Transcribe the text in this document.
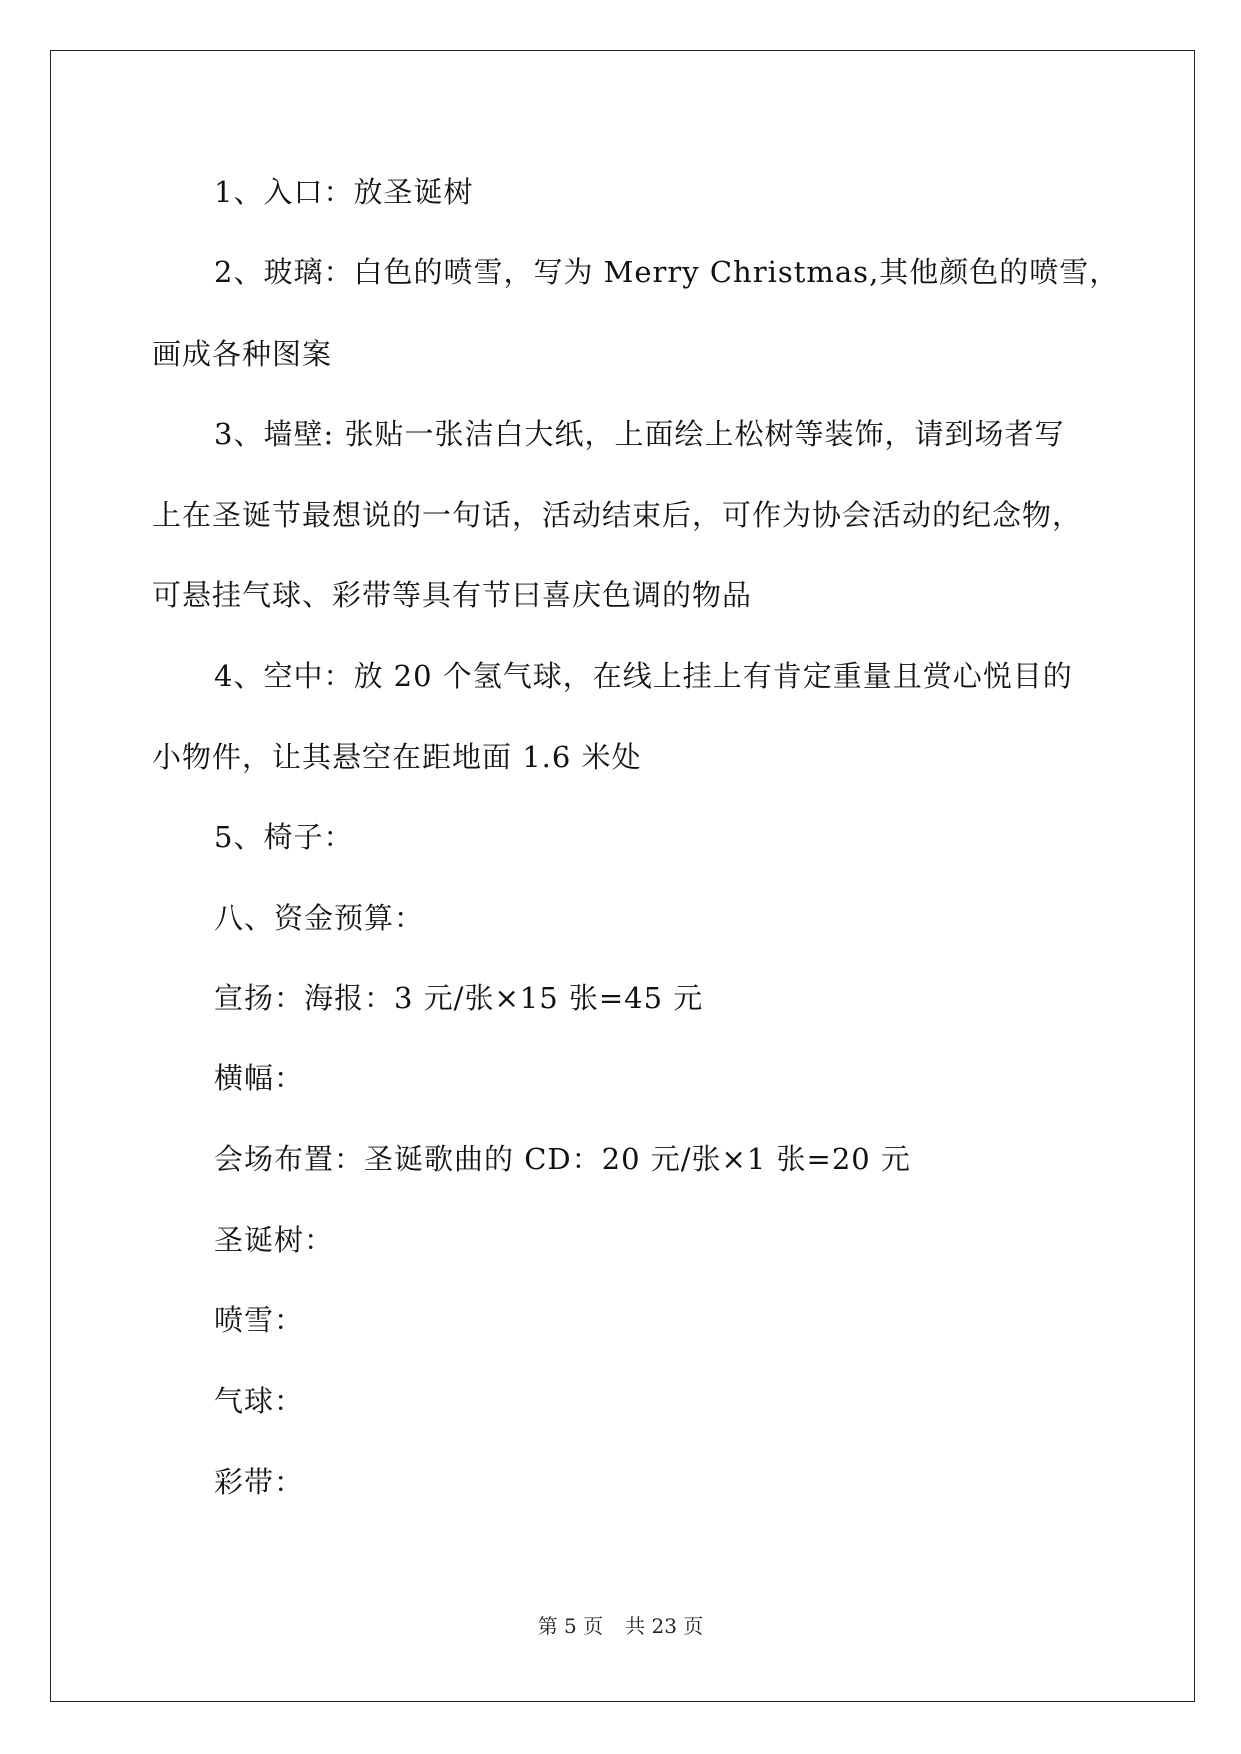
1、入口：放圣诞树
2、玻璃：白色的喷雪，写为 Merry Christmas,其他颜色的喷雪，
画成各种图案
3、墙壁: 张贴一张洁白大纸，上面绘上松树等装饰，请到场者写
上在圣诞节最想说的一句话，活动结束后，可作为协会活动的纪念物，
可悬挂气球、彩带等具有节曰喜庆色调的物品
4、空中：放 20 个氢气球，在线上挂上有肯定重量且赏心悦目的
小物件，让其悬空在距地面 1.6 米处
5、椅子：
八、资金预算：
宣扬：海报：3 元/张×15 张=45 元
横幅：
会场布置：圣诞歌曲的 CD：20 元/张×1 张=20 元
圣诞树：
喷雪：
气球：
彩带：
第 5 页 共 23 页
